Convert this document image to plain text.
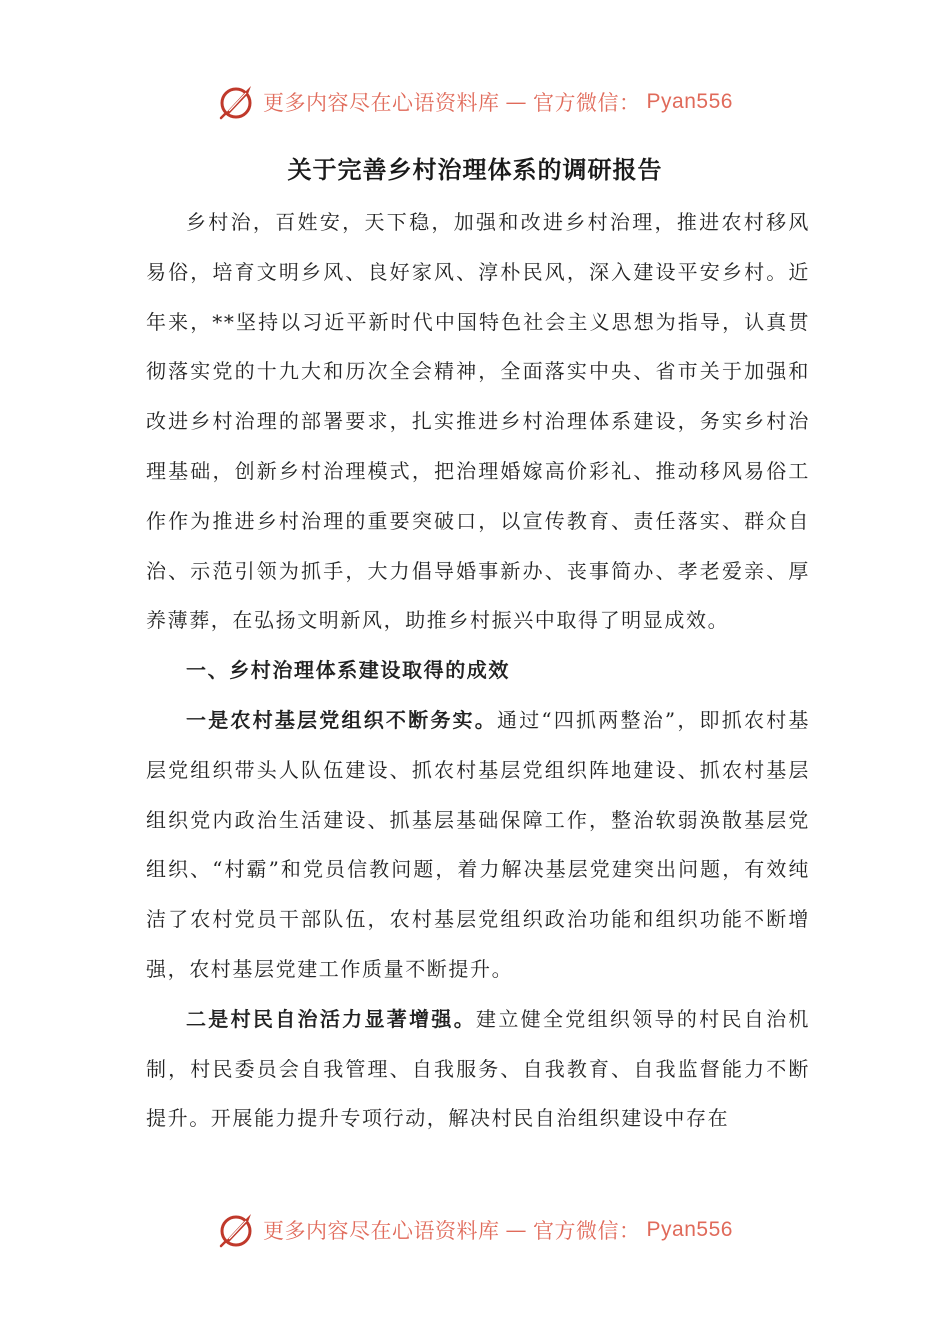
更多内容尽在心语资料库 — 官方微信： Pyan556
关于完善乡村治理体系的调研报告

乡村治，百姓安，天下稳，加强和改进乡村治理，推进农村移风易俗，培育文明乡风、良好家风、淳朴民风，深入建设平安乡村。近年来，**坚持以习近平新时代中国特色社会主义思想为指导，认真贯彻落实党的十九大和历次全会精神，全面落实中央、省市关于加强和改进乡村治理的部署要求，扎实推进乡村治理体系建设，务实乡村治理基础，创新乡村治理模式，把治理婚嫁高价彩礼、推动移风易俗工作作为推进乡村治理的重要突破口，以宣传教育、责任落实、群众自治、示范引领为抓手，大力倡导婚事新办、丧事简办、孝老爱亲、厚养薄葬，在弘扬文明新风，助推乡村振兴中取得了明显成效。

一、乡村治理体系建设取得的成效

一是农村基层党组织不断务实。通过“四抓两整治”，即抓农村基层党组织带头人队伍建设、抓农村基层党组织阵地建设、抓农村基层组织党内政治生活建设、抓基层基础保障工作，整治软弱涣散基层党组织、“村霸”和党员信教问题，着力解决基层党建突出问题，有效纯洁了农村党员干部队伍，农村基层党组织政治功能和组织功能不断增强，农村基层党建工作质量不断提升。

二是村民自治活力显著增强。建立健全党组织领导的村民自治机制，村民委员会自我管理、自我服务、自我教育、自我监督能力不断提升。开展能力提升专项行动，解决村民自治组织建设中存在

更多内容尽在心语资料库 — 官方微信： Pyan556
